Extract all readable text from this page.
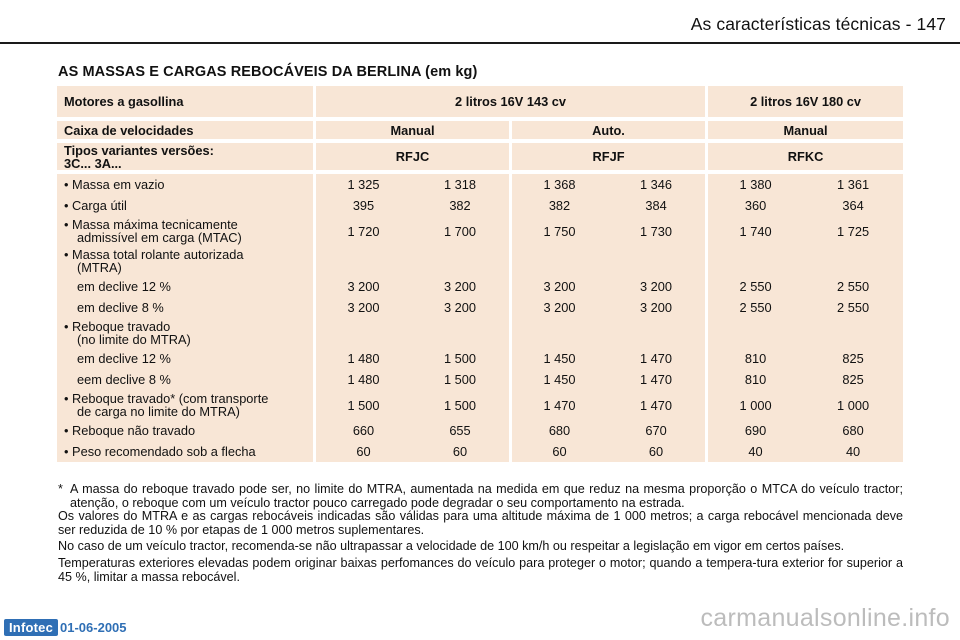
As características técnicas - 147
AS MASSAS E CARGAS REBOCÁVEIS DA BERLINA (em kg)
Motores a gasollina	2 litros 16V 143 cv				2 litros 16V 180 cv	
Caixa de velocidades	Manual		Auto.		Manual	

Tipos variantes versões:
3C... 3A...	RFJC		RFJF		RFKC	

• Massa em vazio	1 325	1 318	1 368	1 346	1 380	1 361

• Carga útil	395	382	382	384	360	364

• Massa máxima tecnicamente
admissível em carga (MTAC)	1 720	1 700	1 750	1 730	1 740	1 725

• Massa total rolante autorizada
(MTRA)						
em declive 12 %	3 200	3 200	3 200	3 200	2 550	2 550
em declive 8 %	3 200	3 200	3 200	3 200	2 550	2 550

• Reboque travado
(no limite do MTRA)						
em declive 12 %	1 480	1 500	1 450	1 470	810	825
eem declive 8 %	1 480	1 500	1 450	1 470	810	825

• Reboque travado* (com transporte
de carga no limite do MTRA)	1 500	1 500	1 470	1 470	1 000	1 000

• Reboque não travado	660	655	680	670	690	680

• Peso recomendado sob a flecha	60	60	60	60	40	40
* A massa do reboque travado pode ser, no limite do MTRA, aumentada na medida em que reduz na mesma proporção o MTCA do veículo tractor; atenção, o reboque com um veículo tractor pouco carregado pode degradar o seu comportamento na estrada.

Os valores do MTRA e as cargas rebocáveis indicadas são válidas para uma altitude máxima de 1 000 metros; a carga rebocável mencionada deve ser reduzida de 10 % por etapas de 1 000 metros suplementares.

No caso de um veículo tractor, recomenda-se não ultrapassar a velocidade de 100 km/h ou respeitar a legislação em vigor em certos países.

Temperaturas exteriores elevadas podem originar baixas perfomances do veículo para proteger o motor; quando a tempera-tura exterior for superior a 45 %, limitar a massa rebocável.

Infotec 01-06-2005	carmanualsonline.info
